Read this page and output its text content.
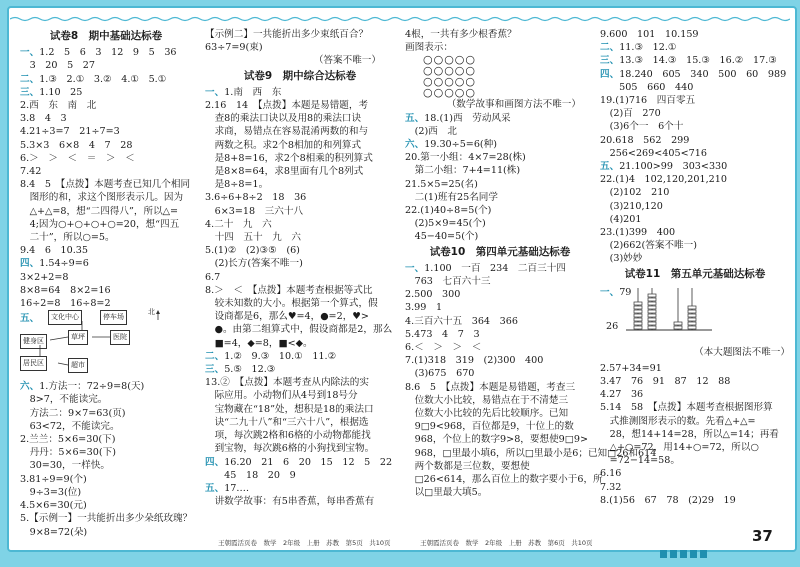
试卷8　期中基础达标卷
一、1.2　5　6　3　12　9　5　36
　3　20　5　27
二、1.③　2.①　3.②　4.①　5.①
三、1.10　25
2.西　东　南　北
3.8　4　3
4.21÷3=7　21÷7=3
5.3×3　6×8　4　7　28
6.＞　＞　＜　＝　＞　＜
7.42
8.4　5　【点拨】本题考查已知几个相同
　图形的和，求这个图形表示几。因为
　△+△=8，想“二四得八”，所以△=
　4;因为○+○+○+○=20，想“四五
　二十”，所以○=5。
9.4　6　10.35
四、1.54÷9=6
3×2+2=8
8×8=64　8×2=16
16÷2=8　16÷8=2
五、	文化中心	停车场
北
草坪	医院
健身区
居民区	超市
六、1.方法一：72÷9=8(天)
　8>7，不能读完。
　方法二：9×7=63(页)
　63<72，不能读完。
2.兰兰：5×6=30(下)
　丹丹：5×6=30(下)
　30=30，一样快。
3.81÷9=9(个)
　9÷3=3(位)
4.5×6=30(元)
5.【示例一】一共能折出多少朵纸玫瑰？
　9×8=72(朵)
【示例二】一共能折出多少束纸百合？
63÷7=9(束)
（答案不唯一）
试卷9　期中综合达标卷
一、1.南　西　东
2.16　14　【点拨】本题是易错题，考
　查8的乘法口诀以及用8的乘法口诀
　求商，易错点在容易混淆两数的和与
　两数之积。求2个8相加的和列算式
　是8+8=16，求2个8相乘的积列算式
　是8×8=64，求8里面有几个8列式
　是8÷8=1。
3.6÷6+8÷2　18　36
　6×3=18　三六十八
4.二十　九　六
　十四　五十　九　六
5.(1)②　(2)③⑤　(6)
　(2)长方(答案不唯一)
6.7
8.＞　＜　【点拨】本题考查根据等式比
　较未知数的大小。根据第一个算式，假
　设商都是6，那么♥=4，●=2，♥>
　●。由第二组算式中，假设商都是2，那么
　■=4，◆=8，■<◆。
二、1.②　9.③　10.①　11.②
三、5.⑤　12.③
13.②　【点拨】本题考查从内除法的实
　际应用。小动物们从4号到18号分
　宝物藏在“18”处，想积是18的乘法口
　诀“二九十八”和“三六十八”，根据选
　项，每次跳2格和6格的小动物都能找
　到宝物，每次跳6格的小狗找到宝物。
四、16.20　21　6　20　15　12　5　22
　　45　18　20　9
五、17.…
　讲数学故事：有5串香蕉，每串香蕉有
4根，一共有多少根香蕉？
画图表示：
○○○○○
○○○○○
○○○○○
○○○○○
（数学故事和画图方法不唯一）
五、18.(1)西　劳动风采
　(2)西　北
六、19.30÷5=6(种)
20.第一小组：4×7=28(株)
　第二小组：7+4=11(株)
21.5×5=25(名)
　二(1)班有25名同学
22.(1)40÷8=5(个)
　(2)5×9=45(个)
　45−40=5(个)
试卷10　第四单元基础达标卷
一、1.100　一百　234　二百三十四
　763　七百六十三
2.500　300
3.99　1
4.三百六十五　364　366
5.473　4　7　3
6.＜　＞　＞　＜
7.(1)318　319　(2)300　400
　(3)675　670
8.6　5　【点拨】本题是易错题，考查三
　位数大小比较，易错点在于不清楚三
　位数大小比较的先后比较顺序。已知
　9□9<968，百位都是9，十位上的数
　968，个位上的数字9>8，要想使9□9>
　968，□里最小填6，所以□里最小是6；已知□26和614
　两个数都是三位数，要想使
　□26<614，那么百位上的数字要小于6，所
　以□里最大填5。
9.600　101　10.159
二、11.③　12.①
三、13.③　14.③　15.③　16.②　17.③
四、18.240　605　340　500　60　989
　　505　660　440
19.(1)716　四百零五
　(2)百　270
　(3)6个一　6个十
20.618　562　299
　256<269<405<716
五、21.100>99　303<330
22.(1)4　102,120,201,210
　(2)102　210
　(3)210,120
　(4)201
23.(1)399　400
　(2)662(答案不唯一)
　(3)妙妙
试卷11　第五单元基础达标卷
一、79
26
（本大题图法不唯一）
2.57+34=91
3.47　76　91　87　12　88
4.27　36
5.14　58　【点拨】本题考查根据图形算
　式推测图形表示的数。先看△+△=
　28，想14+14=28，所以△=14；再看
　△+○=72，用14+○=72，所以○
　=72−14=58。
6.16
7.32
8.(1)56　67　78　(2)29　19
王朝霞活页卷　数学　2年级　上册　苏教　第5页　共10页	王朝霞活页卷　数学　2年级　上册　苏教　第6页　共10页	37
